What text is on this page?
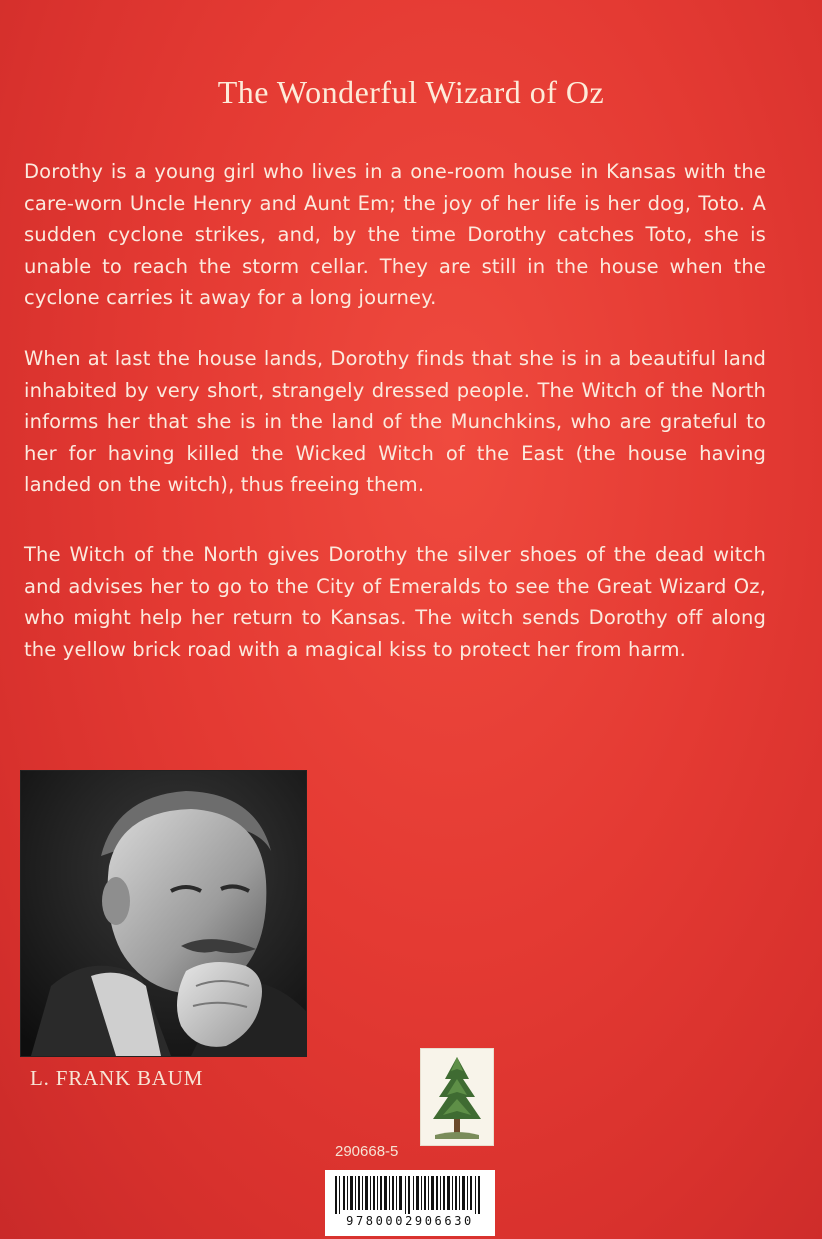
The Wonderful Wizard of Oz

Dorothy is a young girl who lives in a one-room house in Kansas with the care-worn Uncle Henry and Aunt Em; the joy of her life is her dog, Toto. A sudden cyclone strikes, and, by the time Dorothy catches Toto, she is unable to reach the storm cellar. They are still in the house when the cyclone carries it away for a long journey.

When at last the house lands, Dorothy finds that she is in a beautiful land inhabited by very short, strangely dressed people. The Witch of the North informs her that she is in the land of the Munchkins, who are grateful to her for having killed the Wicked Witch of the East (the house having landed on the witch), thus freeing them.

The Witch of the North gives Dorothy the silver shoes of the dead witch and advises her to go to the City of Emeralds to see the Great Wizard Oz, who might help her return to Kansas. The witch sends Dorothy off along the yellow brick road with a magical kiss to protect her from harm.

L. FRANK BAUM

290668-5
9780002906630
